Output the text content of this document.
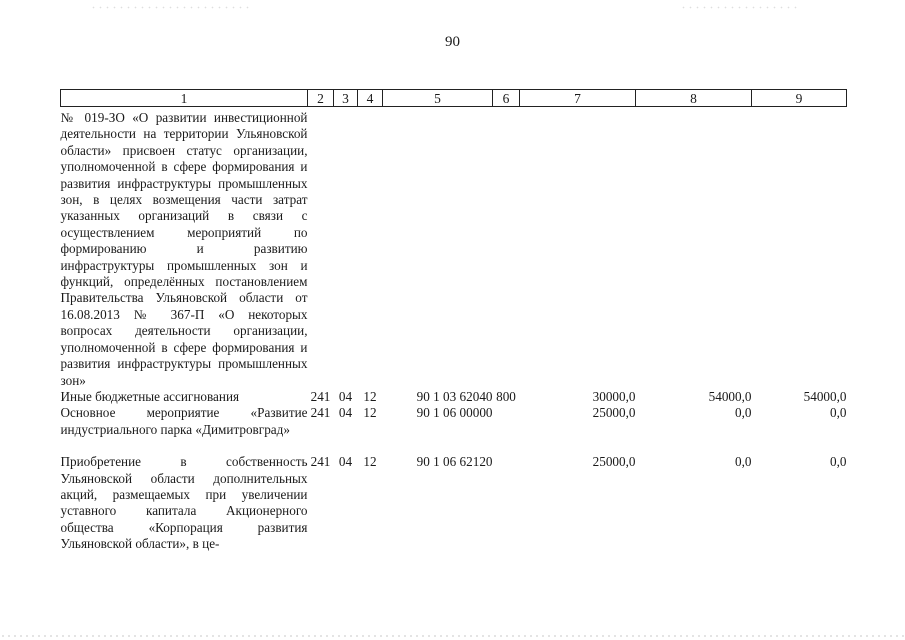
90
1	2	3	4	5	6	7	8	9
№ 019-ЗО «О развитии инвестиционной деятельности на территории Ульяновской области» присвоен статус организации, уполномоченной в сфере формирования и развития инфраструктуры промышленных зон, в целях возмещения части затрат указанных организаций в связи с осуществлением мероприятий по формированию и развитию инфраструктуры промышленных зон и функций, определённых постановлением Правительства Ульяновской области от 16.08.2013 № 367-П «О некоторых вопросах деятельности организации, уполномоченной в сфере формирования и развития инфраструктуры промышленных зон»								
Иные бюджетные ассигнования	241	04	12	90 1 03 62040	800	30000,0	54000,0	54000,0
Основное мероприятие «Развитие индустриального парка «Димитровград»	241	04	12	90 1 06 00000		25000,0	0,0	0,0
Приобретение в собственность Ульяновской области дополнительных акций, размещаемых при увеличении уставного капитала Акционерного общества «Корпорация развития Ульяновской области», в це-	241	04	12	90 1 06 62120		25000,0	0,0	0,0
